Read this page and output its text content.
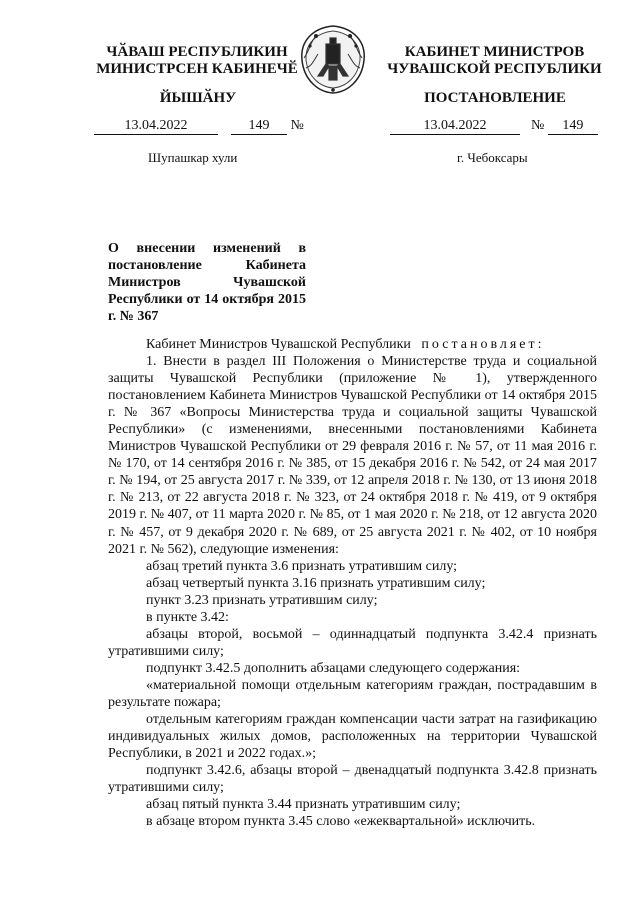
ЧӐВАШ РЕСПУБЛИКИН
МИНИСТРСЕН КАБИНЕЧӖ
КАБИНЕТ МИНИСТРОВ
ЧУВАШСКОЙ РЕСПУБЛИКИ
ЙЫШӐНУ	ПОСТАНОВЛЕНИЕ
13.04.2022	149 №	13.04.2022	№ 149
Шупашкар хули	г. Чебоксары
О внесении изменений в постановление Кабинета Министров Чувашской Республики от 14 октября 2015 г. № 367

Кабинет Министров Чувашской Республики постановляет:

1. Внести в раздел III Положения о Министерстве труда и социальной защиты Чувашской Республики (приложение № 1), утвержденного постановлением Кабинета Министров Чувашской Республики от 14 октября 2015 г. № 367 «Вопросы Министерства труда и социальной защиты Чувашской Республики» (с изменениями, внесенными постановлениями Кабинета Министров Чувашской Республики от 29 февраля 2016 г. № 57, от 11 мая 2016 г. № 170, от 14 сентября 2016 г. № 385, от 15 декабря 2016 г. № 542, от 24 мая 2017 г. № 194, от 25 августа 2017 г. № 339, от 12 апреля 2018 г. № 130, от 13 июня 2018 г. № 213, от 22 августа 2018 г. № 323, от 24 октября 2018 г. № 419, от 9 октября 2019 г. № 407, от 11 марта 2020 г. № 85, от 1 мая 2020 г. № 218, от 12 августа 2020 г. № 457, от 9 декабря 2020 г. № 689, от 25 августа 2021 г. № 402, от 10 ноября 2021 г. № 562), следующие изменения:

абзац третий пункта 3.6 признать утратившим силу;

абзац четвертый пункта 3.16 признать утратившим силу;

пункт 3.23 признать утратившим силу;

в пункте 3.42:

абзацы второй, восьмой – одиннадцатый подпункта 3.42.4 признать утратившими силу;

подпункт 3.42.5 дополнить абзацами следующего содержания:

«материальной помощи отдельным категориям граждан, пострадавшим в результате пожара;

отдельным категориям граждан компенсации части затрат на газификацию индивидуальных жилых домов, расположенных на территории Чувашской Республики, в 2021 и 2022 годах.»;

подпункт 3.42.6, абзацы второй – двенадцатый подпункта 3.42.8 признать утратившими силу;

абзац пятый пункта 3.44 признать утратившим силу;

в абзаце втором пункта 3.45 слово «ежеквартальной» исключить.
